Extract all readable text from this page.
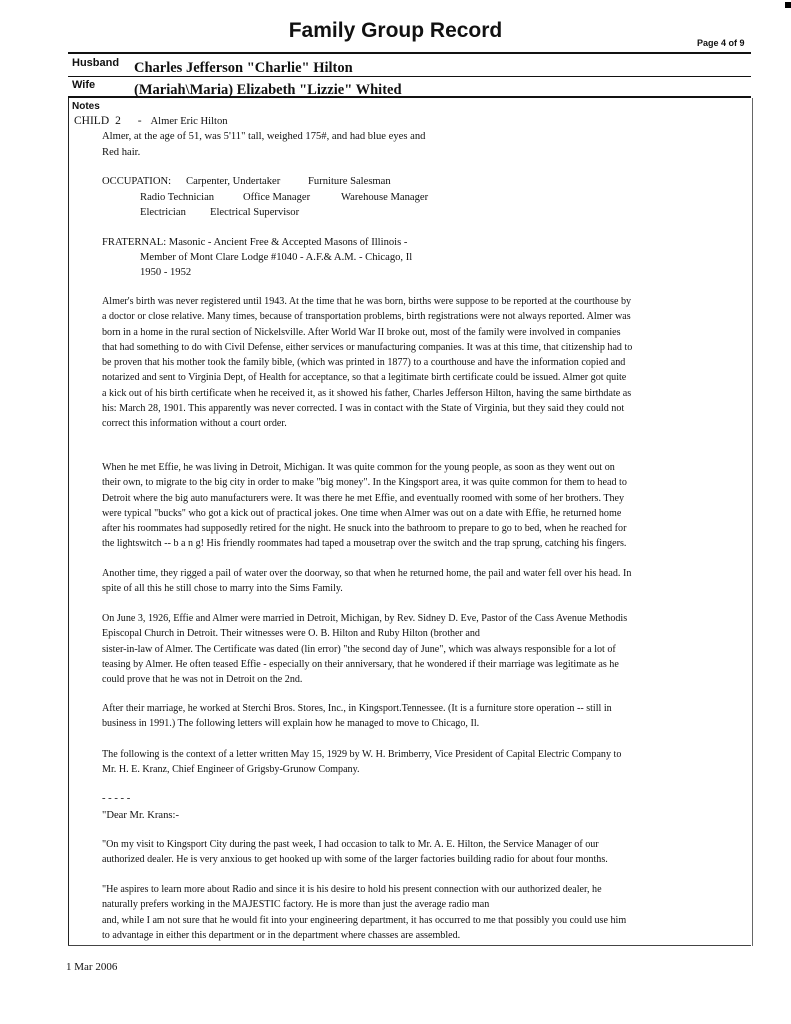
Family Group Record
Page 4 of 9
Husband Charles Jefferson "Charlie" Hilton
Wife	(Mariah\Maria) Elizabeth "Lizzie" Whited
Notes
CHILD 2 - Almer Eric Hilton
Almer, at the age of 51, was 5'11" tall, weighed 175#, and had blue eyes and
Red hair.
OCCUPATION: Carpenter, Undertaker	Furniture Salesman
Radio Technician	Office Manager	Warehouse Manager
Electrician Electrical Supervisor
FRATERNAL: Masonic - Ancient Free & Accepted Masons of Illinois -
Member of Mont Clare Lodge #1040 - A.F.& A.M. - Chicago, Il
1950 - 1952
Almer's birth was never registered until 1943. At the time that he was born, births were suppose to be reported at the courthouse by
a doctor or close relative. Many times, because of transportation problems, birth registrations were not always reported. Almer was
born in a home in the rural section of Nickelsville. After World War II broke out, most of the family were involved in companies
that had something to do with Civil Defense, either services or manufacturing companies. It was at this time, that citizenship had to
be proven that his mother took the family bible, (which was printed in 1877) to a courthouse and have the information copied and
notarized and sent to Virginia Dept, of Health for acceptance, so that a legitimate birth certificate could be issued. Almer got quite
a kick out of his birth certificate when he received it, as it showed his father, Charles Jefferson Hilton, having the same birthdate as
his: March 28, 1901. This apparently was never corrected. I was in contact with the State of Virginia, but they said they could not
correct this information without a court order.
When he met Effie, he was living in Detroit, Michigan. It was quite common for the young people, as soon as they went out on
their own, to migrate to the big city in order to make "big money". In the Kingsport area, it was quite common for them to head to
Detroit where the big auto manufacturers were. It was there he met Effie, and eventually roomed with some of her brothers. They
were typical "bucks" who got a kick out of practical jokes. One time when Almer was out on a date with Effie, he returned home
after his roommates had supposedly retired for the night. He snuck into the bathroom to prepare to go to bed, when he reached for
the lightswitch -- b a n g! His friendly roommates had taped a mousetrap over the switch and the trap sprung, catching his fingers.
Another time, they rigged a pail of water over the doorway, so that when he returned home, the pail and water fell over his head. In
spite of all this he still chose to marry into the Sims Family.
On June 3, 1926, Effie and Almer were married in Detroit, Michigan, by Rev. Sidney D. Eve, Pastor of the Cass Avenue Methodis
Episcopal Church in Detroit. Their witnesses were O. B. Hilton and Ruby Hilton (brother and
sister-in-law of Almer. The Certificate was dated (lin error) "the second day of June", which was always responsible for a lot of
teasing by Almer. He often teased Effie - especially on their anniversary, that he wondered if their marriage was legitimate as he
could prove that he was not in Detroit on the 2nd.
After their marriage, he worked at Sterchi Bros. Stores, Inc., in Kingsport.Tennessee. (It is a furniture store operation -- still in
business in 1991.) The following letters will explain how he managed to move to Chicago, Il.
The following is the context of a letter written May 15, 1929 by W. H. Brimberry, Vice President of Capital Electric Company to
Mr. H. E. Kranz, Chief Engineer of Grigsby-Grunow Company.
- - - - -
"Dear Mr. Krans:-
"On my visit to Kingsport City during the past week, I had occasion to talk to Mr. A. E. Hilton, the Service Manager of our
authorized dealer. He is very anxious to get hooked up with some of the larger factories building radio for about four months.
"He aspires to learn more about Radio and since it is his desire to hold his present connection with our authorized dealer, he
naturally prefers working in the MAJESTIC factory. He is more than just the average radio man
and, while I am not sure that he would fit into your engineering department, it has occurred to me that possibly you could use him
to advantage in either this department or in the department where chasses are assembled.
1 Mar 2006
